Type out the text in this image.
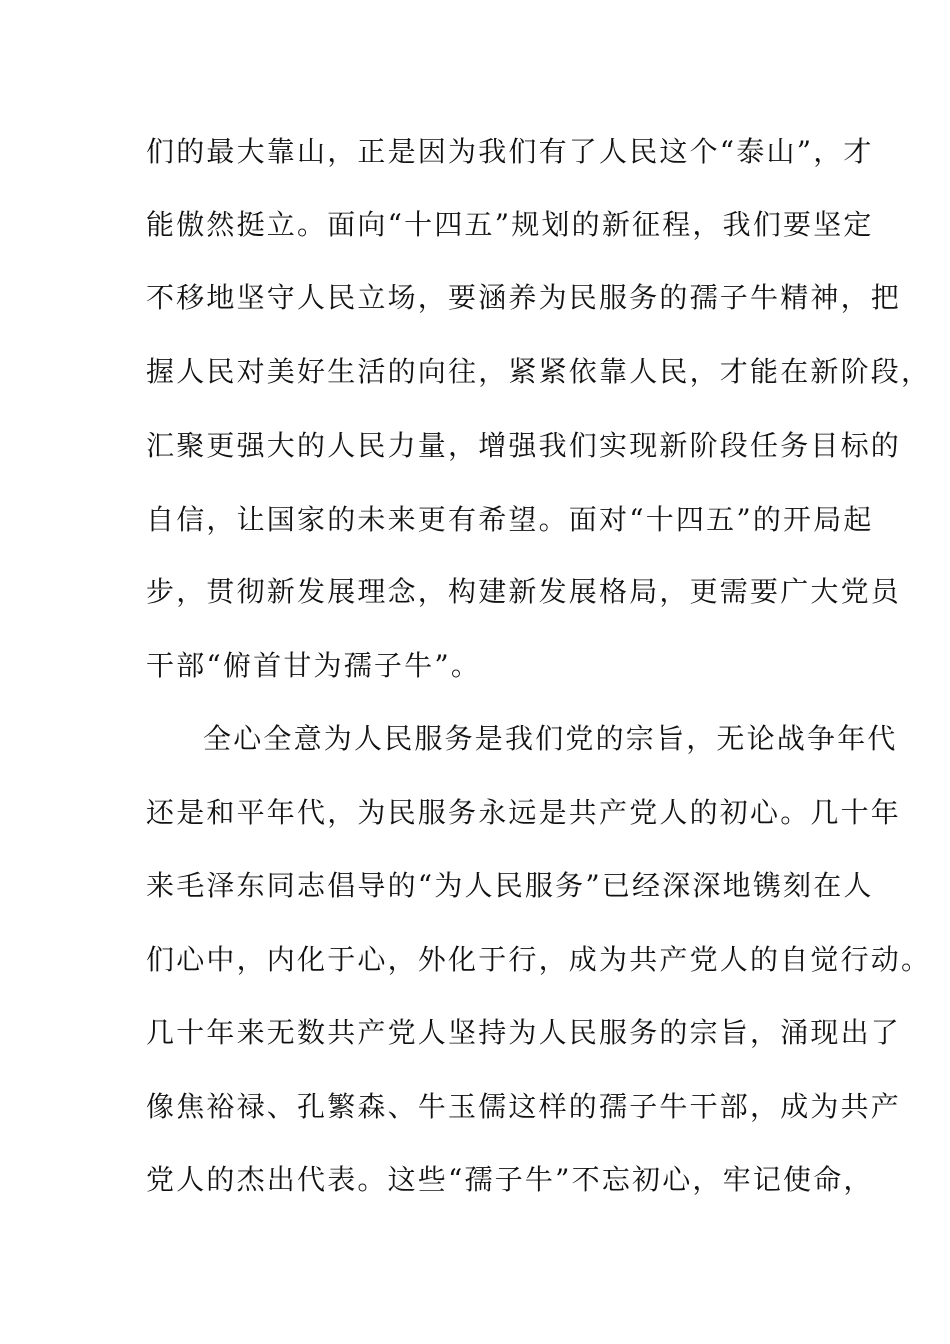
们的最大靠山，正是因为我们有了人民这个“泰山”，才
能傲然挺立。面向“十四五”规划的新征程，我们要坚定
不移地坚守人民立场，要涵养为民服务的孺子牛精神，把
握人民对美好生活的向往，紧紧依靠人民，才能在新阶段，
汇聚更强大的人民力量，增强我们实现新阶段任务目标的
自信，让国家的未来更有希望。面对“十四五”的开局起
步，贯彻新发展理念，构建新发展格局，更需要广大党员
干部“俯首甘为孺子牛”。
全心全意为人民服务是我们党的宗旨，无论战争年代
还是和平年代，为民服务永远是共产党人的初心。几十年
来毛泽东同志倡导的“为人民服务”已经深深地镌刻在人
们心中，内化于心，外化于行，成为共产党人的自觉行动。
几十年来无数共产党人坚持为人民服务的宗旨，涌现出了
像焦裕禄、孔繁森、牛玉儒这样的孺子牛干部，成为共产
党人的杰出代表。这些“孺子牛”不忘初心，牢记使命，
